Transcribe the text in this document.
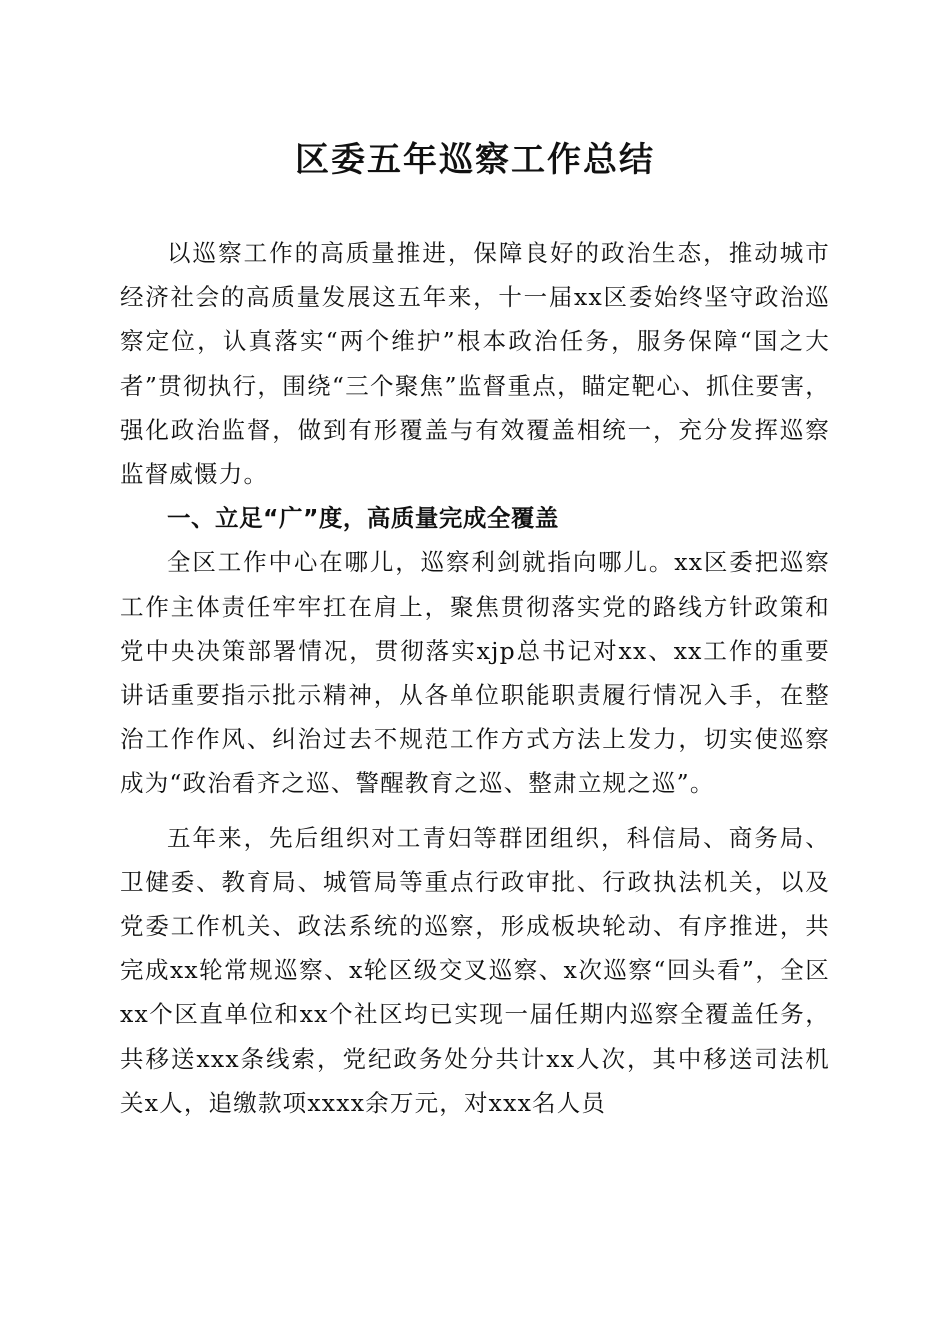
区委五年巡察工作总结

以巡察工作的高质量推进，保障良好的政治生态，推动城市经济社会的高质量发展这五年来，十一届xx区委始终坚守政治巡察定位，认真落实“两个维护”根本政治任务，服务保障“国之大者”贯彻执行，围绕“三个聚焦”监督重点，瞄定靶心、抓住要害，强化政治监督，做到有形覆盖与有效覆盖相统一，充分发挥巡察监督威慑力。

一、立足“广”度，高质量完成全覆盖

全区工作中心在哪儿，巡察利剑就指向哪儿。xx区委把巡察工作主体责任牢牢扛在肩上，聚焦贯彻落实党的路线方针政策和党中央决策部署情况，贯彻落实xjp总书记对xx、xx工作的重要讲话重要指示批示精神，从各单位职能职责履行情况入手，在整治工作作风、纠治过去不规范工作方式方法上发力，切实使巡察成为“政治看齐之巡、警醒教育之巡、整肃立规之巡”。

五年来，先后组织对工青妇等群团组织，科信局、商务局、卫健委、教育局、城管局等重点行政审批、行政执法机关，以及党委工作机关、政法系统的巡察，形成板块轮动、有序推进，共完成xx轮常规巡察、x轮区级交叉巡察、x次巡察“回头看”，全区xx个区直单位和xx个社区均已实现一届任期内巡察全覆盖任务，共移送xxx条线索，党纪政务处分共计xx人次，其中移送司法机关x人，追缴款项xxxx余万元，对xxx名人员
